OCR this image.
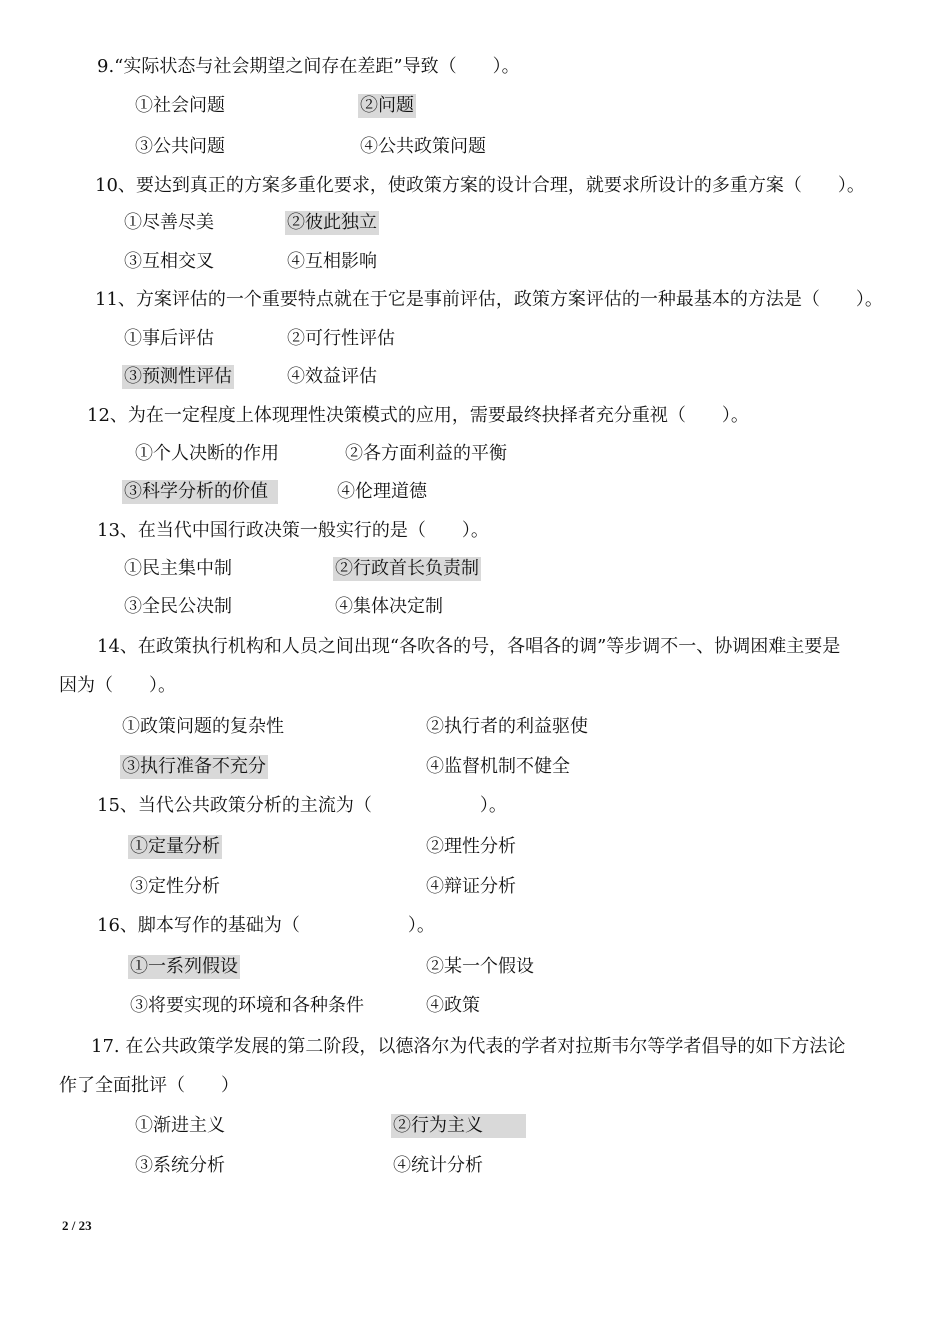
9.“实际状态与社会期望之间存在差距”导致（　　）。
①社会问题	②问题
③公共问题	④公共政策问题
10、要达到真正的方案多重化要求，使政策方案的设计合理，就要求所设计的多重方案（　　）。
①尽善尽美	②彼此独立
③互相交叉	④互相影响
11、方案评估的一个重要特点就在于它是事前评估，政策方案评估的一种最基本的方法是（　　）。
①事后评估	②可行性评估
③预测性评估	④效益评估
12、为在一定程度上体现理性决策模式的应用，需要最终抉择者充分重视（　　）。
①个人决断的作用	②各方面利益的平衡
③科学分析的价值	④伦理道德
13、在当代中国行政决策一般实行的是（　　）。
①民主集中制	②行政首长负责制
③全民公决制	④集体决定制
14、在政策执行机构和人员之间出现“各吹各的号，各唱各的调”等步调不一、协调困难主要是
因为（　　）。
①政策问题的复杂性	②执行者的利益驱使
③执行准备不充分	④监督机制不健全
15、当代公共政策分析的主流为（　　　　　　）。
①定量分析	②理性分析
③定性分析	④辩证分析
16、脚本写作的基础为（　　　　　　）。
①一系列假设	②某一个假设
③将要实现的环境和各种条件	④政策
17. 在公共政策学发展的第二阶段，以德洛尔为代表的学者对拉斯韦尔等学者倡导的如下方法论
作了全面批评（　　）
①渐进主义	②行为主义
③系统分析	④统计分析
2 / 23
